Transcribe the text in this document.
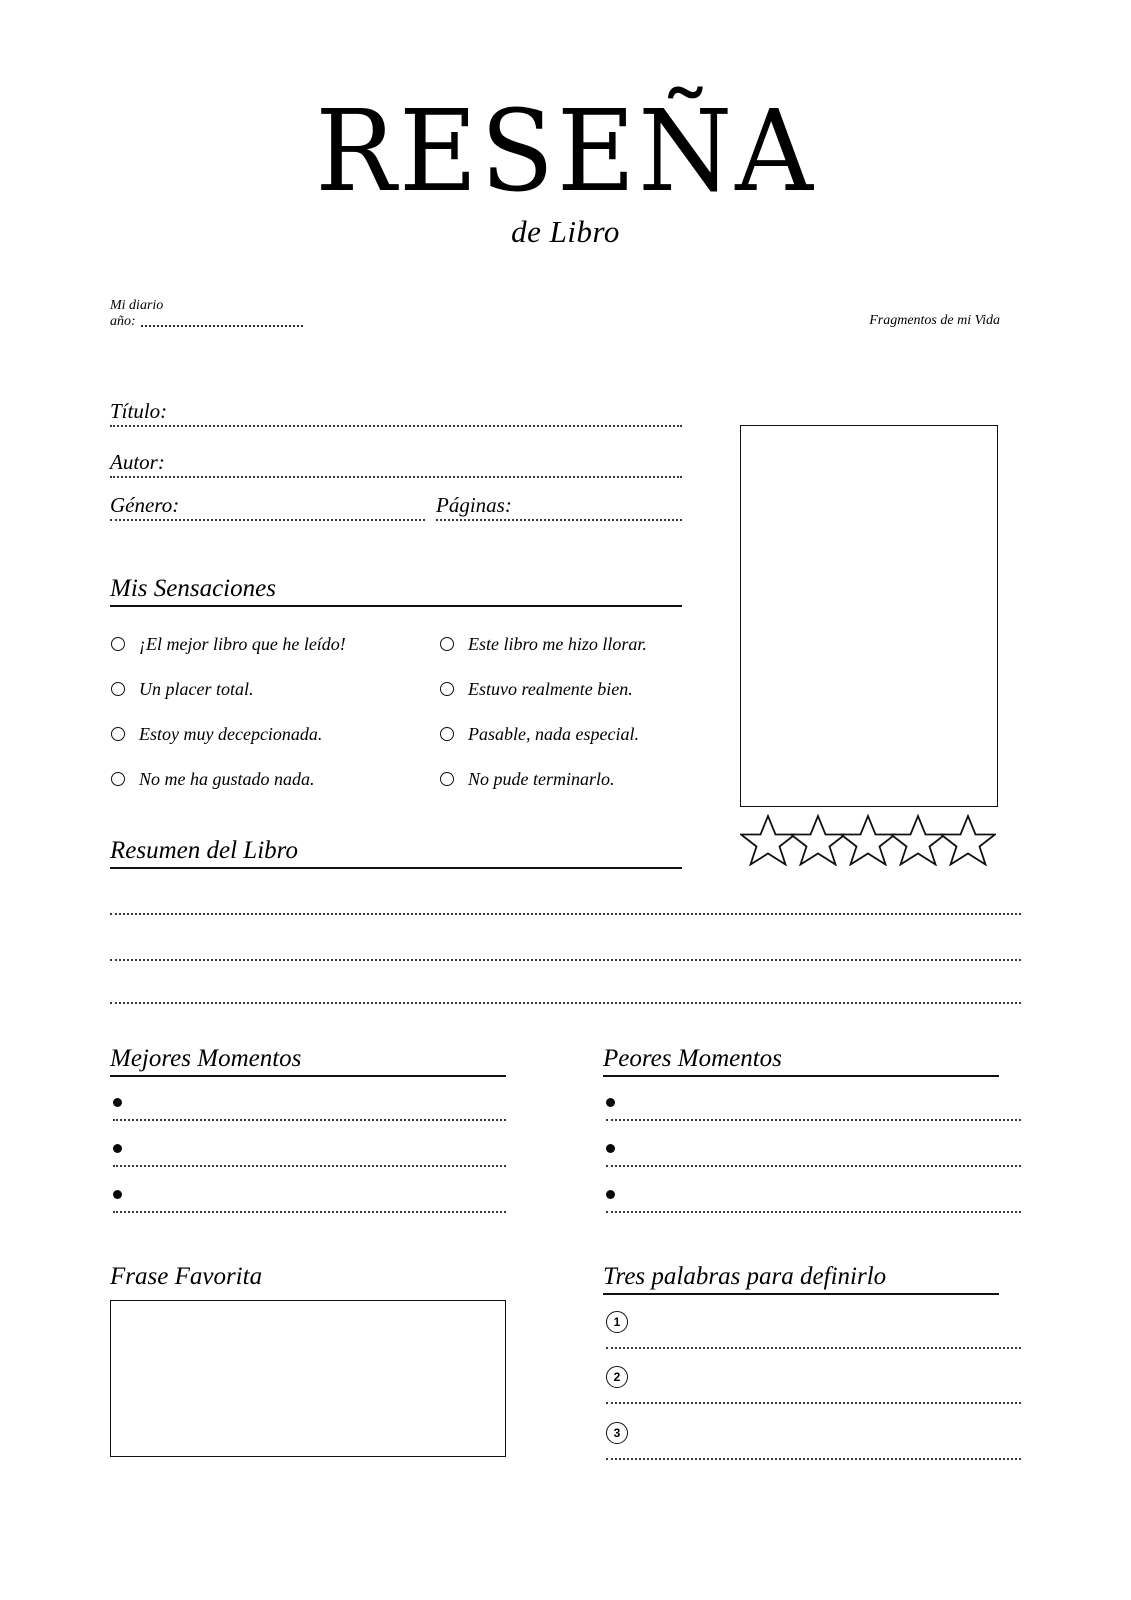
RESEÑA
de Libro
Mi diario
año:	Fragmentos de mi Vida
Título:
Autor:
Género:	Páginas:
Mis Sensaciones
¡El mejor libro que he leído!
Un placer total.
Estoy muy decepcionada.
No me ha gustado nada.
Este libro me hizo llorar.
Estuvo realmente bien.
Pasable, nada especial.
No pude terminarlo.
Resumen del Libro
Mejores Momentos	Peores Momentos
Frase Favorita	Tres palabras para definirlo
1
2
3
